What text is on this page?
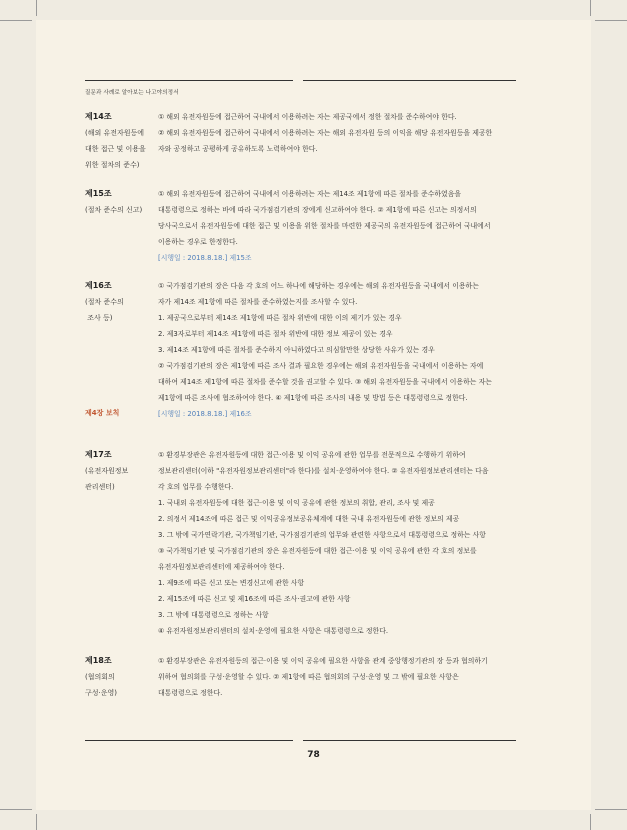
질문과 사례로 알아보는 나고야의정서
제14조
(해외 유전자원등에
대한 접근 및 이용을
위한 절차의 준수)
① 해외 유전자원등에 접근하여 국내에서 이용하려는 자는 제공국에서 정한 절차를 준수하여야 한다.
② 해외 유전자원등에 접근하여 국내에서 이용하려는 자는 해외 유전자원 등의 이익을 해당 유전자원등을 제공한
자와 공정하고 공평하게 공유하도록 노력하여야 한다.
제15조
(절차 준수의 신고)
① 해외 유전자원등에 접근하여 국내에서 이용하려는 자는 제14조 제1항에 따른 절차를 준수하였음을
대통령령으로 정하는 바에 따라 국가점검기관의 장에게 신고하여야 한다. ② 제1항에 따른 신고는 의정서의
당사국으로서 유전자원등에 대한 접근 및 이용을 위한 절차를 마련한 제공국의 유전자원등에 접근하여 국내에서
이용하는 경우로 한정한다.
[시행일 : 2018.8.18.] 제15조
제16조
(절차 준수의
조사 등)
① 국가점검기관의 장은 다음 각 호의 어느 하나에 해당하는 경우에는 해외 유전자원등을 국내에서 이용하는
자가 제14조 제1항에 따른 절차를 준수하였는지를 조사할 수 있다.
1. 제공국으로부터 제14조 제1항에 따른 절차 위반에 대한 이의 제기가 있는 경우
2. 제3자로부터 제14조 제1항에 따른 절차 위반에 대한 정보 제공이 있는 경우
3. 제14조 제1항에 따른 절차를 준수하지 아니하였다고 의심할만한 상당한 사유가 있는 경우
② 국가점검기관의 장은 제1항에 따른 조사 결과 필요한 경우에는 해외 유전자원등을 국내에서 이용하는 자에
대하여 제14조 제1항에 따른 절차를 준수할 것을 권고할 수 있다. ③ 해외 유전자원등을 국내에서 이용하는 자는
제1항에 따른 조사에 협조하여야 한다. ④ 제1항에 따른 조사의 내용 및 방법 등은 대통령령으로 정한다.
[시행일 : 2018.8.18.] 제16조
제4장 보칙
제17조
(유전자원정보
관리센터)
① 환경부장관은 유전자원등에 대한 접근·이용 및 이익 공유에 관한 업무를 전문적으로 수행하기 위하여
정보관리센터(이하 "유전자원정보관리센터"라 한다)를 설치·운영하여야 한다. ② 유전자원정보관리센터는 다음
각 호의 업무를 수행한다.
1. 국내외 유전자원등에 대한 접근·이용 및 이익 공유에 관한 정보의 취합, 관리, 조사 및 제공
2. 의정서 제14조에 따른 접근 및 이익공유정보공유체계에 대한 국내 유전자원등에 관한 정보의 제공
3. 그 밖에 국가연락기관, 국가책임기관, 국가점검기관의 업무와 관련한 사항으로서 대통령령으로 정하는 사항
③ 국가책임기관 및 국가점검기관의 장은 유전자원등에 대한 접근·이용 및 이익 공유에 관한 각 호의 정보를
유전자원정보관리센터에 제공하여야 한다.
1. 제9조에 따른 신고 또는 변경신고에 관한 사항
2. 제15조에 따른 신고 및 제16조에 따른 조사·권고에 관한 사항
3. 그 밖에 대통령령으로 정하는 사항
④ 유전자원정보관리센터의 설치·운영에 필요한 사항은 대통령령으로 정한다.
제18조
(협의회의
구성·운영)
① 환경부장관은 유전자원등의 접근·이용 및 이익 공유에 필요한 사항을 관계 중앙행정기관의 장 등과 협의하기
위하여 협의회를 구성·운영할 수 있다. ② 제1항에 따른 협의회의 구성·운영 및 그 밖에 필요한 사항은
대통령령으로 정한다.
78
